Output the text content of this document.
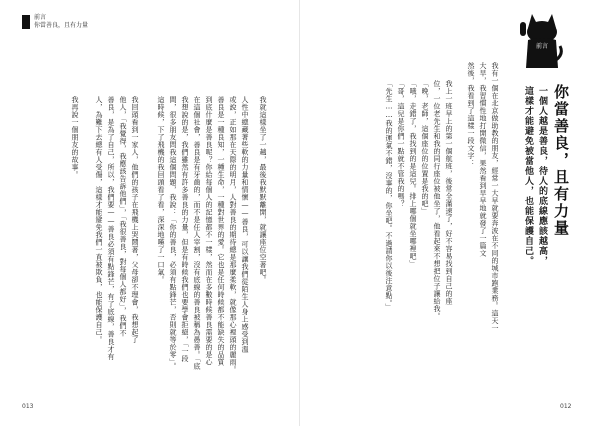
前言
你當善良，且有力量
前言
你當善良，且有力量
一個人越是善良，待人的底線應該越高，
這樣才能避免被當他人，也能保護自己。
我有一個在北京做助教的朋友，經常一大早就要奔波在不同的城市跑業務。這天一
大早，我習慣性地打開微信，果然看到早早地就發了一篇文
然後，我看到了這樣一段文字：
我上一班早上的第一個航班，後常全滿速了，好不容易找到自己的座
位，一位老先生和我的同行座位被他坐了，他看起來不想把位子讓給我。
「晚，老師，這個座位的位置是我的吧」
「哦，走錯了，我找到的是這兒。排上哪個就坐哪裡吧」
「哥，這兒是你們一點就不管我的嗎？
「先生……我的運氣不錯，沒事的，你坐吧。不過請你以後注意點。」
我就這樣坐了一趟，最後我默默離開，就讓座位空著吧。
人性中總藏著些軟的力量和情懷——善良，可以讓我們從陌生人身上感受到溫
或說，正如那在天際的明月，人對善良的期待總是那麼柔軟，就像那心裡頭的麗雨。
善良是一種良知，一種生命，一種對世界的愛。它也是任何時候都不能缺失的品質
到底什麼是善良呢？你給每個人的記憶都不一樣，然而在多數時候善良需要的是心
在這個社會，善良是有牙齒的，而不是任人宰割，沒有底線的善良被稱為愚善。「底
我想說的是，我們雖然有許多善良的力量，但是有時候我們也要學會拒絕，「一段
間，很多朋友問我這個問題，我說：「你的善良，必須有點鋒芒，否則就等於零」。
這時候，下了飛機的我回頭看了看，深深地嘆了一口氣。
我回頭看到一家人，他們的孩子在飛機上哭鬧著，父母卻不理會，我想起了
他人，「我覺得，我應該告訴他們」，「我很善良，對每個人都好」，我們不
善良，是為了自己，所以，我們要——善良必須有點鋒芒，有了底線，善良才有
人，為難下去總有人受傷，這樣才能避免我們一直被欺負，也能保護自己。
我再說一個朋友的故事。
013	012
